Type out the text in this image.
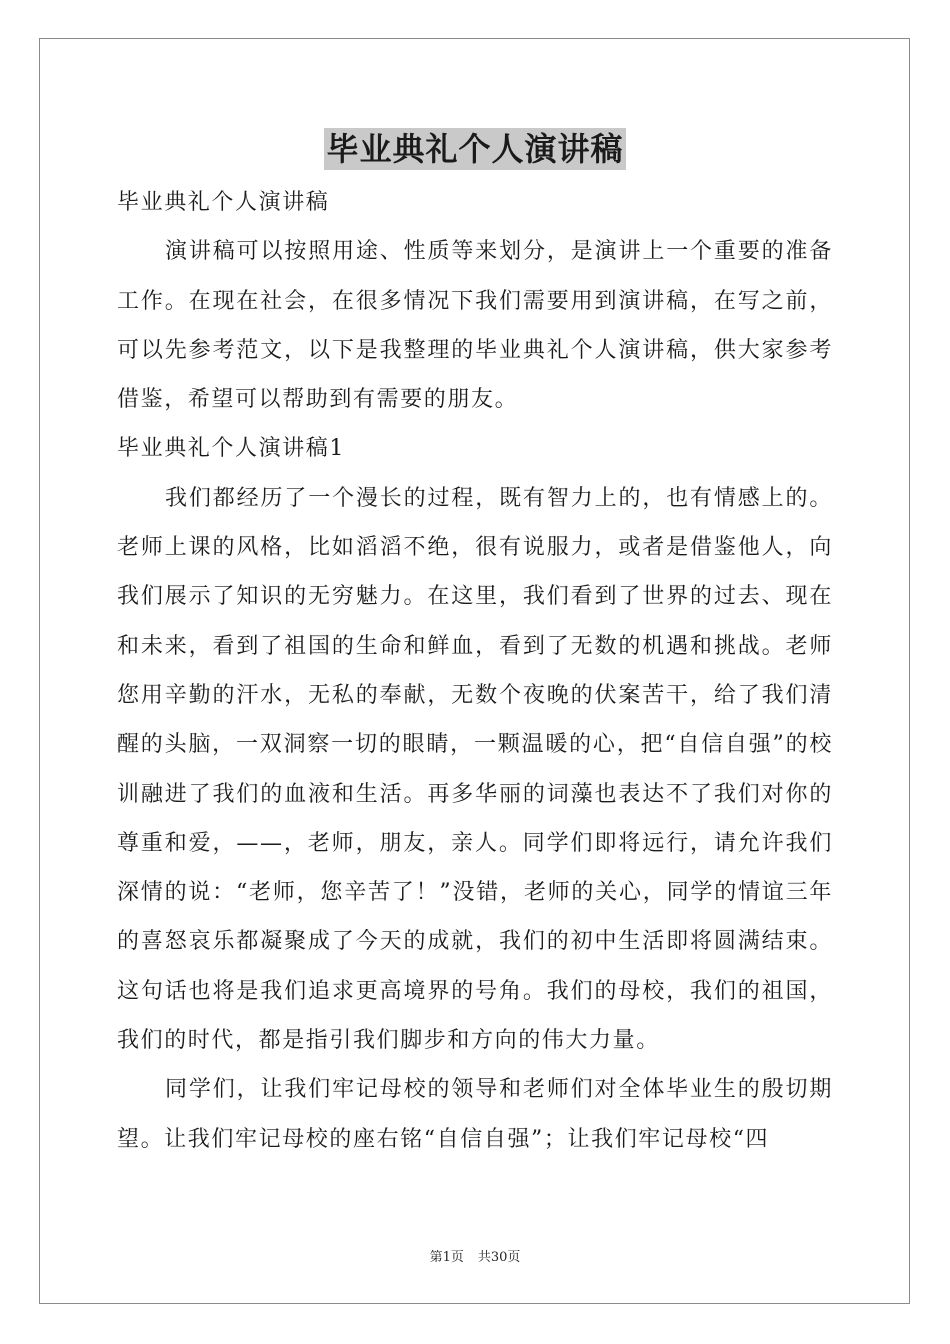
毕业典礼个人演讲稿

毕业典礼个人演讲稿

演讲稿可以按照用途、性质等来划分，是演讲上一个重要的准备工作。在现在社会，在很多情况下我们需要用到演讲稿，在写之前，可以先参考范文，以下是我整理的毕业典礼个人演讲稿，供大家参考借鉴，希望可以帮助到有需要的朋友。

毕业典礼个人演讲稿1

我们都经历了一个漫长的过程，既有智力上的，也有情感上的。老师上课的风格，比如滔滔不绝，很有说服力，或者是借鉴他人，向我们展示了知识的无穷魅力。在这里，我们看到了世界的过去、现在和未来，看到了祖国的生命和鲜血，看到了无数的机遇和挑战。老师您用辛勤的汗水，无私的奉献，无数个夜晚的伏案苦干，给了我们清醒的头脑，一双洞察一切的眼睛，一颗温暖的心，把“自信自强”的校训融进了我们的血液和生活。再多华丽的词藻也表达不了我们对你的尊重和爱，——，老师，朋友，亲人。同学们即将远行，请允许我们深情的说：“老师，您辛苦了！”没错，老师的关心，同学的情谊三年的喜怒哀乐都凝聚成了今天的成就，我们的初中生活即将圆满结束。这句话也将是我们追求更高境界的号角。我们的母校，我们的祖国，我们的时代，都是指引我们脚步和方向的伟大力量。

同学们，让我们牢记母校的领导和老师们对全体毕业生的殷切期望。让我们牢记母校的座右铭“自信自强”；让我们牢记母校“四

第1页 共30页
